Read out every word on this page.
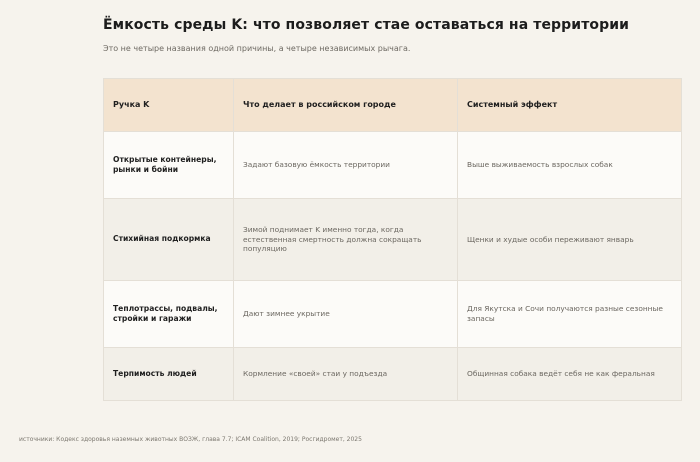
Ёмкость среды K: что позволяет стае оставаться на территории
Это не четыре названия одной причины, а четыре независимых рычага.
Ручка K	Что делает в российском городе	Системный эффект
Открытые контейнеры, рынки и бойни	Задают базовую ёмкость территории	Выше выживаемость взрослых собак
Стихийная подкормка	Зимой поднимает K именно тогда, когда естественная смертность должна сокращать популяцию	Щенки и худые особи переживают январь
Теплотрассы, подвалы, стройки и гаражи	Дают зимнее укрытие	Для Якутска и Сочи получаются разные сезонные запасы
Терпимость людей	Кормление «своей» стаи у подъезда	Общинная собака ведёт себя не как феральная
источники: Кодекс здоровья наземных животных ВОЗЖ, глава 7.7; ICAM Coalition, 2019; Росгидромет, 2025
